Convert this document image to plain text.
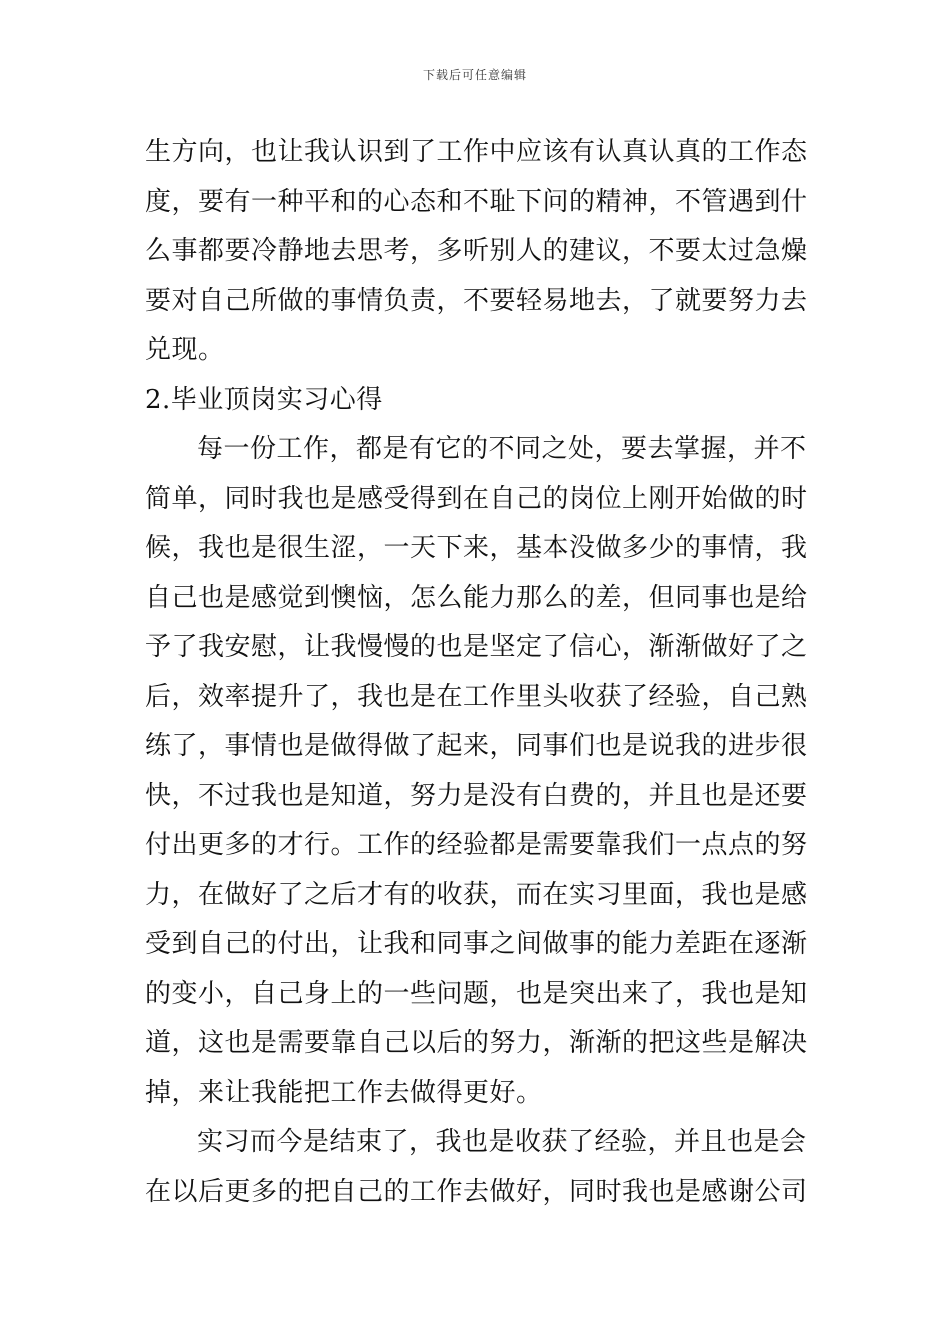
下载后可任意编辑
生方向，也让我认识到了工作中应该有认真认真的工作态
度，要有一种平和的心态和不耻下问的精神，不管遇到什
么事都要冷静地去思考，多听别人的建议，不要太过急燥
要对自己所做的事情负责，不要轻易地去，了就要努力去
兑现。
2.毕业顶岗实习心得
每一份工作，都是有它的不同之处，要去掌握，并不
简单，同时我也是感受得到在自己的岗位上刚开始做的时
候，我也是很生涩，一天下来，基本没做多少的事情，我
自己也是感觉到懊恼，怎么能力那么的差，但同事也是给
予了我安慰，让我慢慢的也是坚定了信心，渐渐做好了之
后，效率提升了，我也是在工作里头收获了经验，自己熟
练了，事情也是做得做了起来，同事们也是说我的进步很
快，不过我也是知道，努力是没有白费的，并且也是还要
付出更多的才行。工作的经验都是需要靠我们一点点的努
力，在做好了之后才有的收获，而在实习里面，我也是感
受到自己的付出，让我和同事之间做事的能力差距在逐渐
的变小，自己身上的一些问题，也是突出来了，我也是知
道，这也是需要靠自己以后的努力，渐渐的把这些是解决
掉，来让我能把工作去做得更好。
实习而今是结束了，我也是收获了经验，并且也是会
在以后更多的把自己的工作去做好，同时我也是感谢公司
